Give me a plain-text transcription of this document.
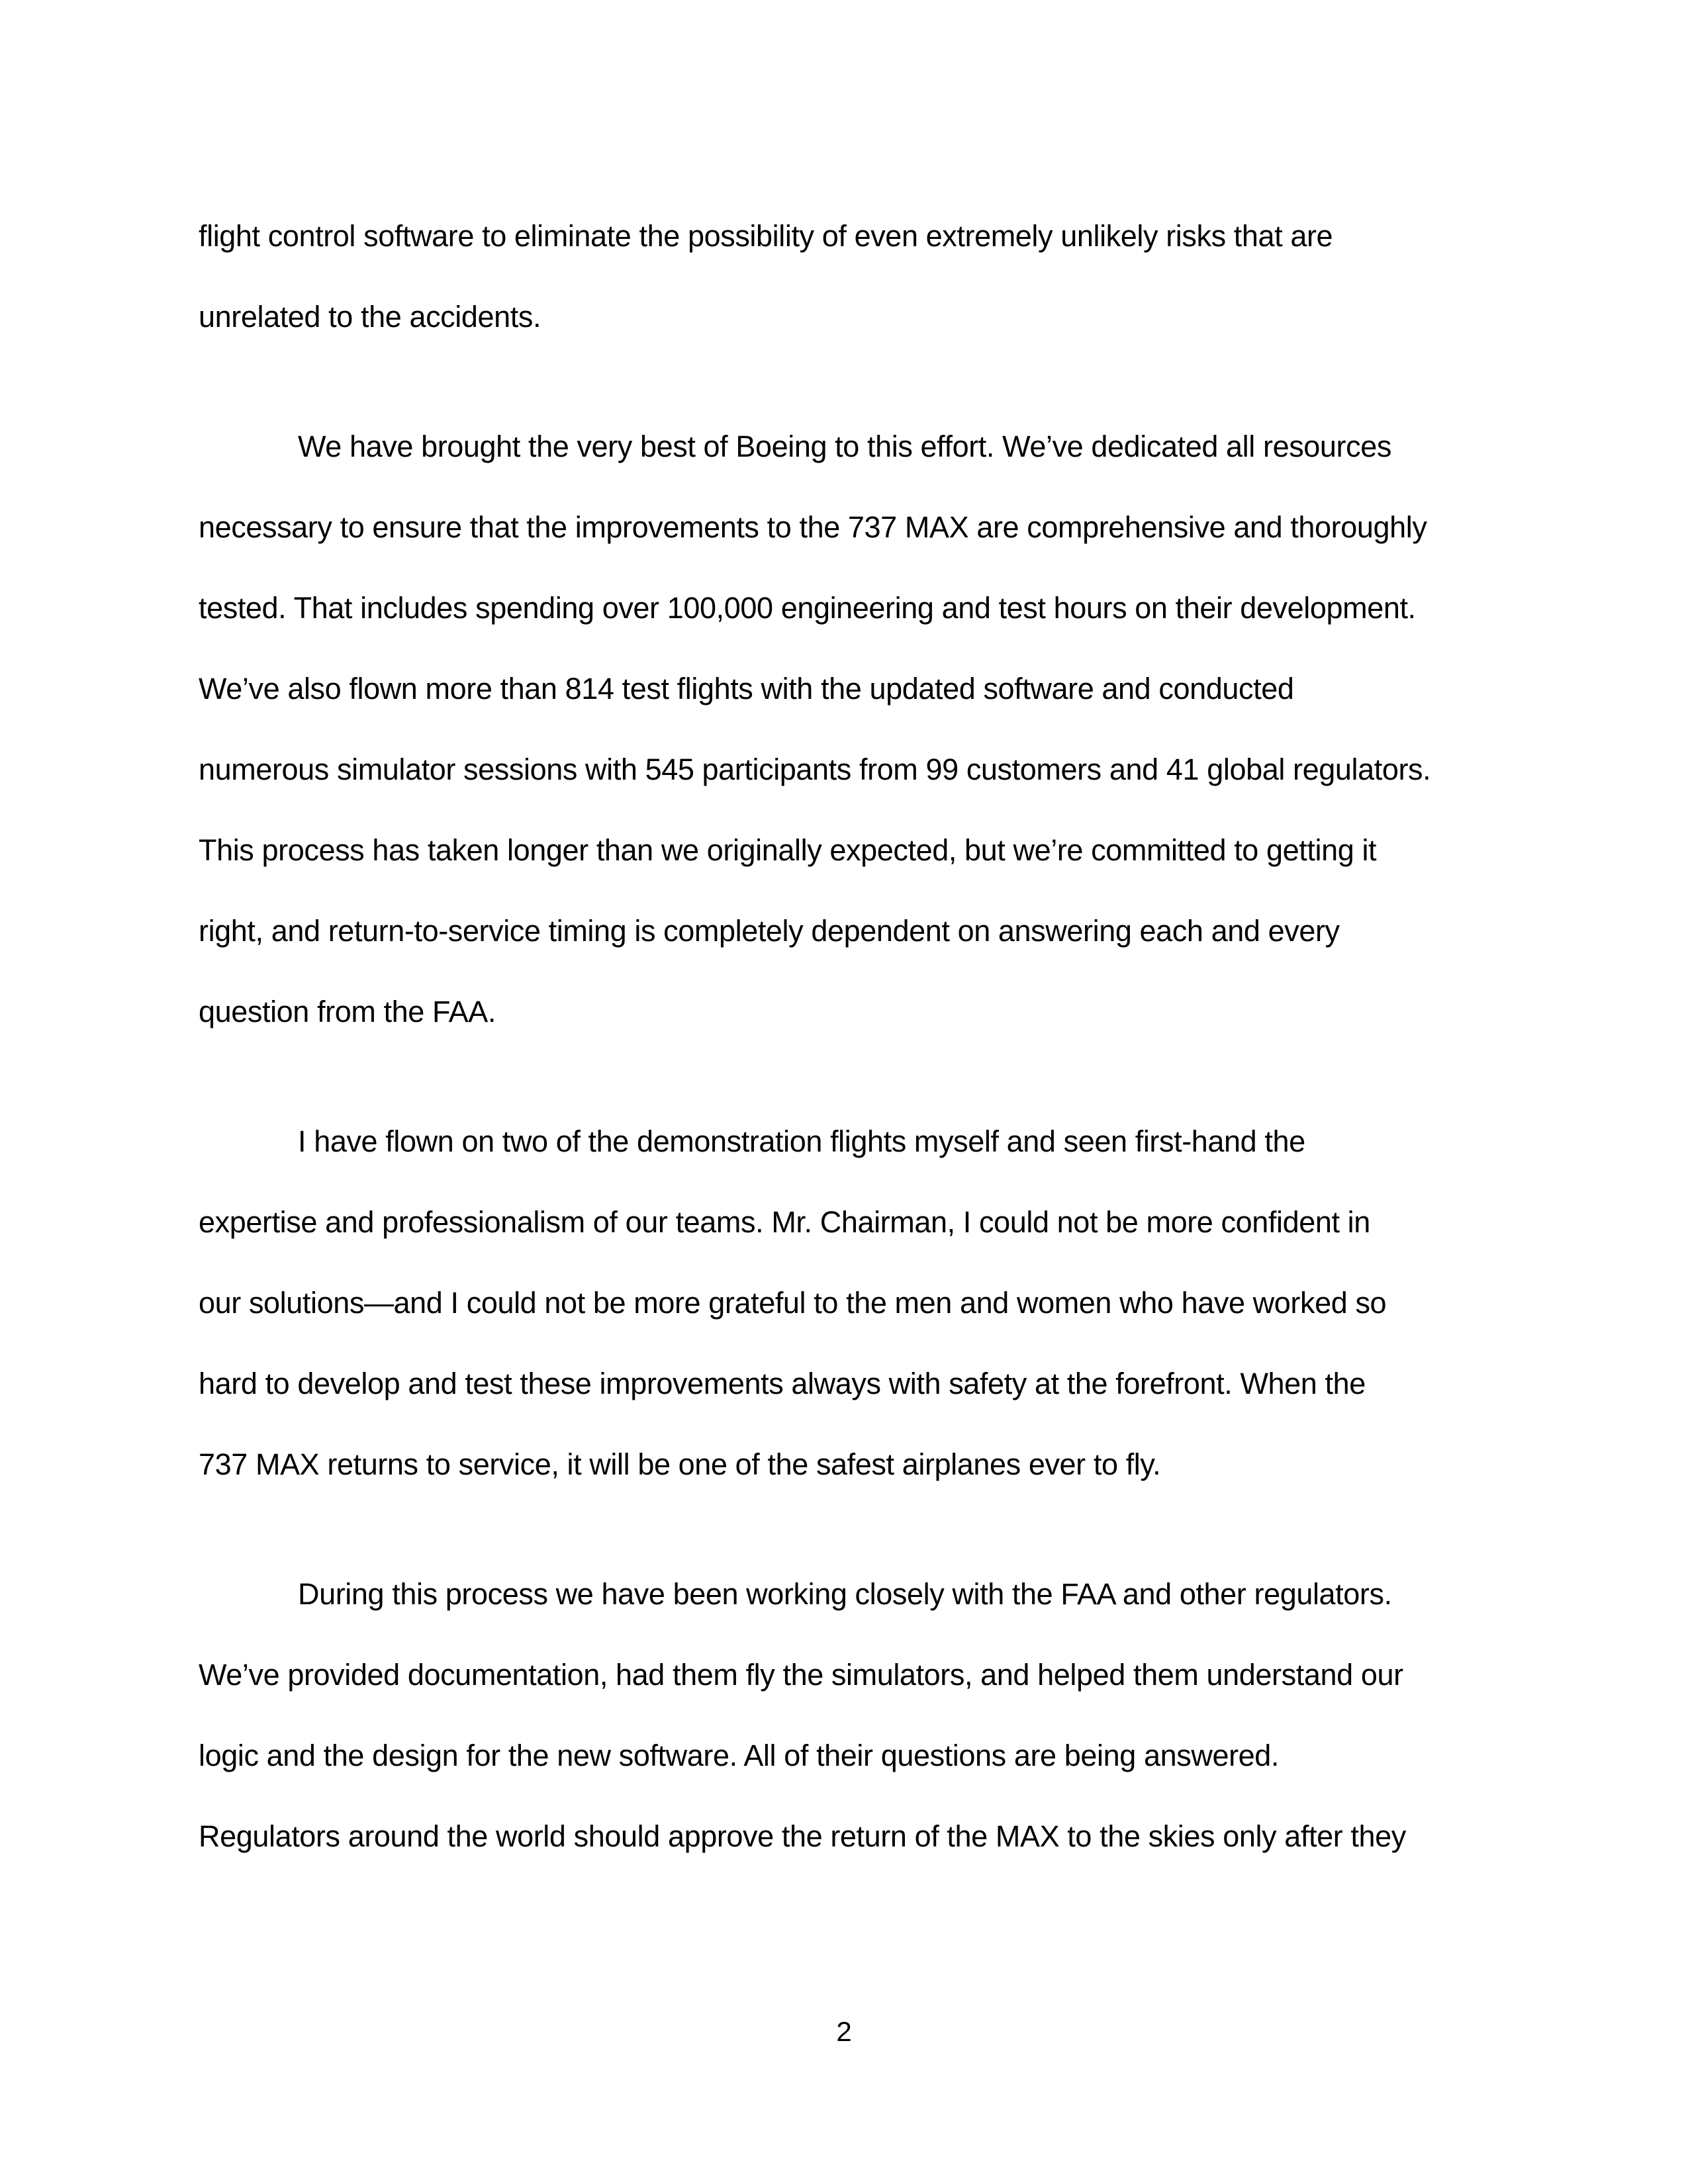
flight control software to eliminate the possibility of even extremely unlikely risks that are
unrelated to the accidents.
We have brought the very best of Boeing to this effort. We’ve dedicated all resources
necessary to ensure that the improvements to the 737 MAX are comprehensive and thoroughly
tested. That includes spending over 100,000 engineering and test hours on their development.
We’ve also flown more than 814 test flights with the updated software and conducted
numerous simulator sessions with 545 participants from 99 customers and 41 global regulators.
This process has taken longer than we originally expected, but we’re committed to getting it
right, and return-to-service timing is completely dependent on answering each and every
question from the FAA.
I have flown on two of the demonstration flights myself and seen first-hand the
expertise and professionalism of our teams. Mr. Chairman, I could not be more confident in
our solutions—and I could not be more grateful to the men and women who have worked so
hard to develop and test these improvements always with safety at the forefront. When the
737 MAX returns to service, it will be one of the safest airplanes ever to fly.
During this process we have been working closely with the FAA and other regulators.
We’ve provided documentation, had them fly the simulators, and helped them understand our
logic and the design for the new software. All of their questions are being answered.
Regulators around the world should approve the return of the MAX to the skies only after they
2
